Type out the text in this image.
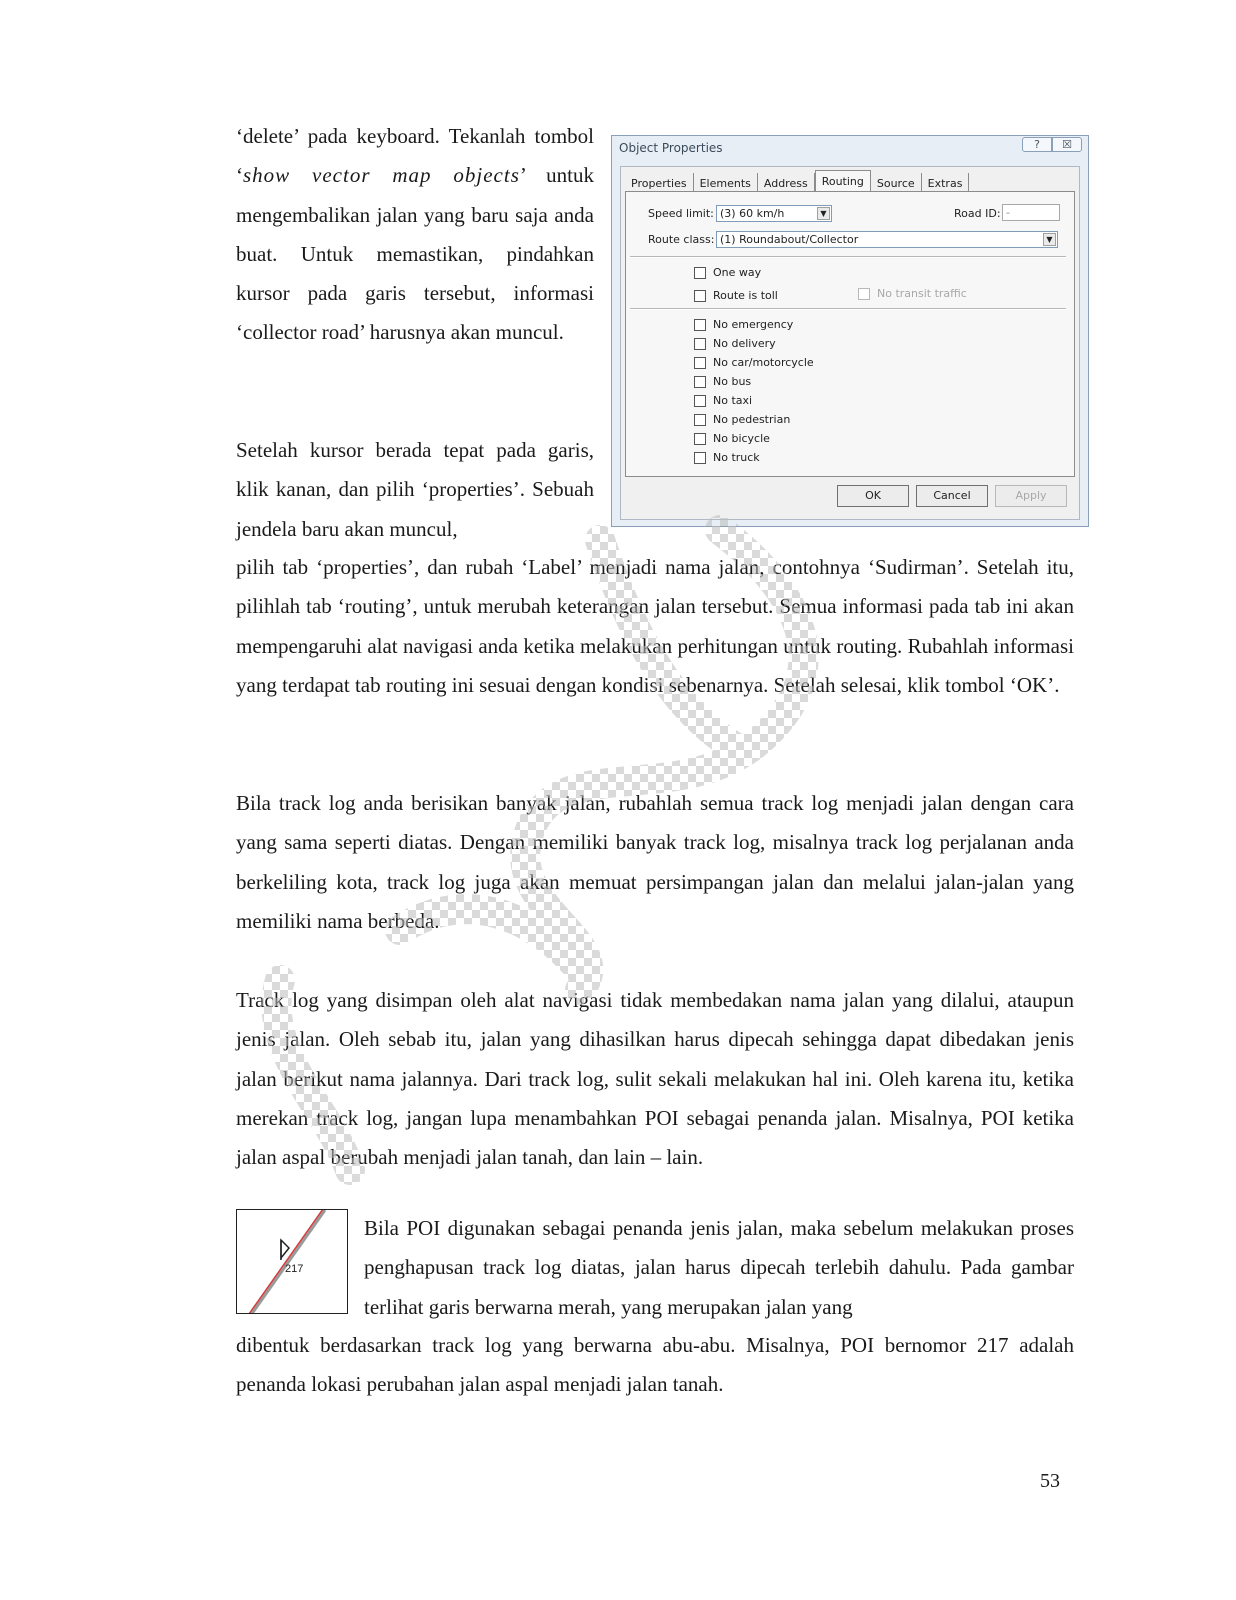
‘delete’ pada keyboard. Tekanlah tombol ‘show vector map objects’ untuk mengembalikan jalan yang baru saja anda buat. Untuk memastikan, pindahkan kursor pada garis tersebut, informasi ‘collector road’ harusnya akan muncul.

Setelah kursor berada tepat pada garis, klik kanan, dan pilih ‘properties’. Sebuah jendela baru akan muncul,

pilih tab ‘properties’, dan rubah ‘Label’ menjadi nama jalan, contohnya ‘Sudirman’. Setelah itu, pilihlah tab ‘routing’, untuk merubah keterangan jalan tersebut. Semua informasi pada tab ini akan mempengaruhi alat navigasi anda ketika melakukan perhitungan untuk routing. Rubahlah informasi yang terdapat tab routing ini sesuai dengan kondisi sebenarnya. Setelah selesai, klik tombol ‘OK’.

Bila track log anda berisikan banyak jalan, rubahlah semua track log menjadi jalan dengan cara yang sama seperti diatas. Dengan memiliki banyak track log, misalnya track log perjalanan anda berkeliling kota, track log juga akan memuat persimpangan jalan dan melalui jalan-jalan yang memiliki nama berbeda.

Track log yang disimpan oleh alat navigasi tidak membedakan nama jalan yang dilalui, ataupun jenis jalan. Oleh sebab itu, jalan yang dihasilkan harus dipecah sehingga dapat dibedakan jenis jalan berikut nama jalannya. Dari track log, sulit sekali melakukan hal ini. Oleh karena itu, ketika merekan track log, jangan lupa menambahkan POI sebagai penanda jalan. Misalnya, POI ketika jalan aspal berubah menjadi jalan tanah, dan lain – lain.

Bila POI digunakan sebagai penanda jenis jalan, maka sebelum melakukan proses penghapusan track log diatas, jalan harus dipecah terlebih dahulu. Pada gambar terlihat garis berwarna merah, yang merupakan jalan yang

dibentuk berdasarkan track log yang berwarna abu-abu. Misalnya, POI bernomor 217 adalah penanda lokasi perubahan jalan aspal menjadi jalan tanah.

Object Properties	?	☒
Properties	Elements	Address	Routing	Source	Extras
Speed limit: (3) 60 km/h	▼	Road ID: -
Route class: (1) Roundabout/Collector	▼
One way
Route is toll	No transit traffic
No emergency
No delivery
No car/motorcycle
No bus
No taxi
No pedestrian
No bicycle
No truck
OK	Cancel	Apply
217
53
